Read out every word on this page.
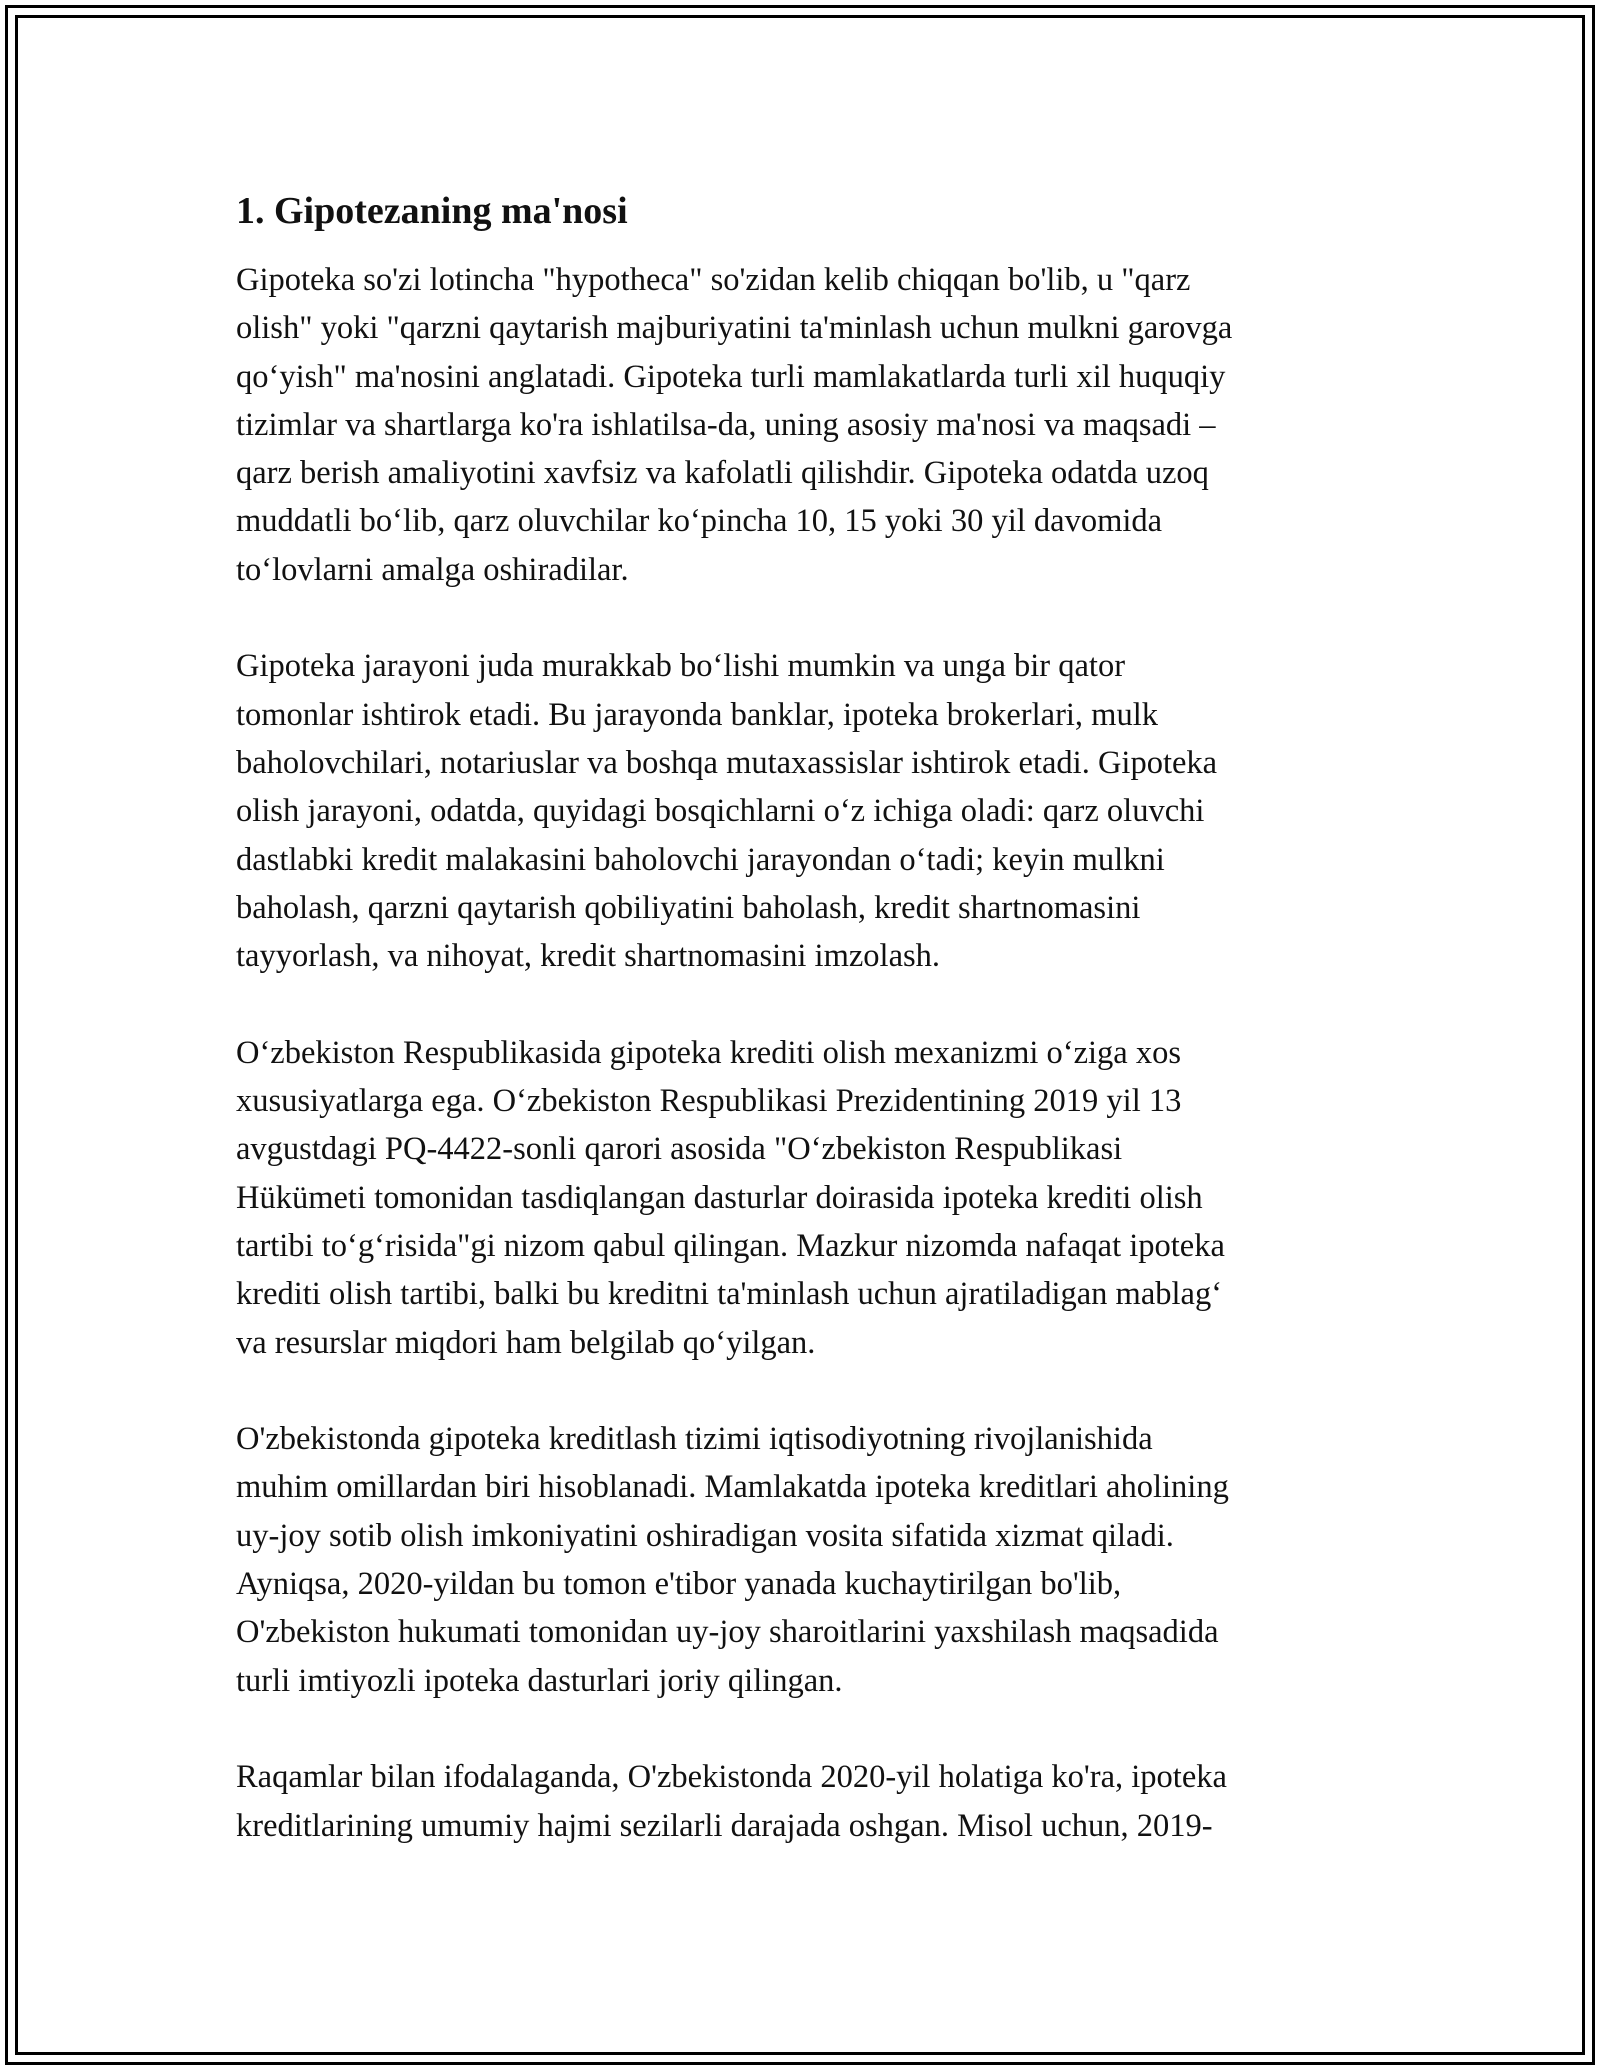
1. Gipotezaning ma'nosi

Gipoteka so'zi lotincha "hypotheca" so'zidan kelib chiqqan bo'lib, u "qarz
olish" yoki "qarzni qaytarish majburiyatini ta'minlash uchun mulkni garovga
qoʻyish" ma'nosini anglatadi. Gipoteka turli mamlakatlarda turli xil huquqiy
tizimlar va shartlarga ko'ra ishlatilsa-da, uning asosiy ma'nosi va maqsadi –
qarz berish amaliyotini xavfsiz va kafolatli qilishdir. Gipoteka odatda uzoq
muddatli boʻlib, qarz oluvchilar koʻpincha 10, 15 yoki 30 yil davomida
toʻlovlarni amalga oshiradilar.

Gipoteka jarayoni juda murakkab boʻlishi mumkin va unga bir qator
tomonlar ishtirok etadi. Bu jarayonda banklar, ipoteka brokerlari, mulk
baholovchilari, notariuslar va boshqa mutaxassislar ishtirok etadi. Gipoteka
olish jarayoni, odatda, quyidagi bosqichlarni oʻz ichiga oladi: qarz oluvchi
dastlabki kredit malakasini baholovchi jarayondan oʻtadi; keyin mulkni
baholash, qarzni qaytarish qobiliyatini baholash, kredit shartnomasini
tayyorlash, va nihoyat, kredit shartnomasini imzolash.

Oʻzbekiston Respublikasida gipoteka krediti olish mexanizmi oʻziga xos
xususiyatlarga ega. Oʻzbekiston Respublikasi Prezidentining 2019 yil 13
avgustdagi PQ-4422-sonli qarori asosida "Oʻzbekiston Respublikasi
Hükümeti tomonidan tasdiqlangan dasturlar doirasida ipoteka krediti olish
tartibi toʻgʻrisida"gi nizom qabul qilingan. Mazkur nizomda nafaqat ipoteka
krediti olish tartibi, balki bu kreditni ta'minlash uchun ajratiladigan mablagʻ
va resurslar miqdori ham belgilab qoʻyilgan.

O'zbekistonda gipoteka kreditlash tizimi iqtisodiyotning rivojlanishida
muhim omillardan biri hisoblanadi. Mamlakatda ipoteka kreditlari aholining
uy-joy sotib olish imkoniyatini oshiradigan vosita sifatida xizmat qiladi.
Ayniqsa, 2020-yildan bu tomon e'tibor yanada kuchaytirilgan bo'lib,
O'zbekiston hukumati tomonidan uy-joy sharoitlarini yaxshilash maqsadida
turli imtiyozli ipoteka dasturlari joriy qilingan.

Raqamlar bilan ifodalaganda, O'zbekistonda 2020-yil holatiga ko'ra, ipoteka
kreditlarining umumiy hajmi sezilarli darajada oshgan. Misol uchun, 2019-
